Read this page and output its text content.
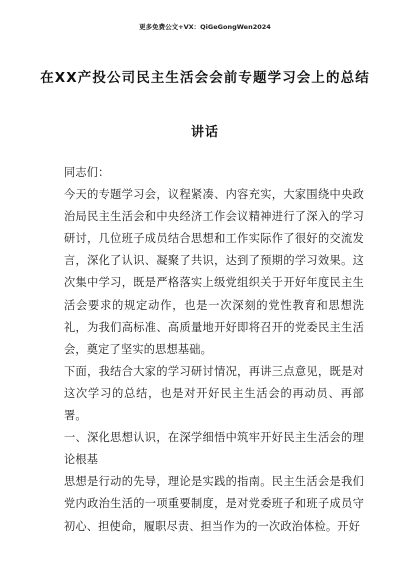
更多免费公文+VX：QiGeGongWen2024
在XX产投公司民主生活会会前专题学习会上的总结
讲话

同志们：

今天的专题学习会，议程紧凑、内容充实，大家围绕中央政治局民主生活会和中央经济工作会议精神进行了深入的学习研讨，几位班子成员结合思想和工作实际作了很好的交流发言，深化了认识、凝聚了共识，达到了预期的学习效果。这次集中学习，既是严格落实上级党组织关于开好年度民主生活会要求的规定动作，也是一次深刻的党性教育和思想洗礼，为我们高标准、高质量地开好即将召开的党委民主生活会，奠定了坚实的思想基础。

下面，我结合大家的学习研讨情况，再讲三点意见，既是对这次学习的总结，也是对开好民主生活会的再动员、再部署。

一、深化思想认识，在深学细悟中筑牢开好民主生活会的理论根基

思想是行动的先导，理论是实践的指南。民主生活会是我们党内政治生活的一项重要制度，是对党委班子和班子成员守初心、担使命，履职尽责、担当作为的一次政治体检。开好
